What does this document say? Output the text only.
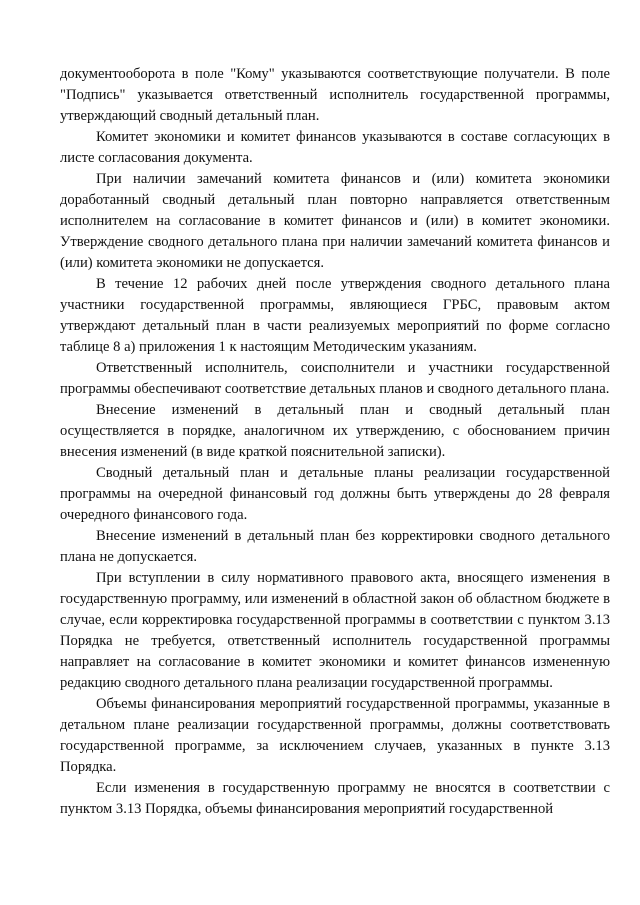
документооборота в поле "Кому" указываются соответствующие получатели. В поле "Подпись" указывается ответственный исполнитель государственной программы, утверждающий сводный детальный план.

Комитет экономики и комитет финансов указываются в составе согласующих в листе согласования документа.

При наличии замечаний комитета финансов и (или) комитета экономики доработанный сводный детальный план повторно направляется ответственным исполнителем на согласование в комитет финансов и (или) в комитет экономики. Утверждение сводного детального плана при наличии замечаний комитета финансов и (или) комитета экономики не допускается.

В течение 12 рабочих дней после утверждения сводного детального плана участники государственной программы, являющиеся ГРБС, правовым актом утверждают детальный план в части реализуемых мероприятий по форме согласно таблице 8 а) приложения 1 к настоящим Методическим указаниям.

Ответственный исполнитель, соисполнители и участники государственной программы обеспечивают соответствие детальных планов и сводного детального плана.

Внесение изменений в детальный план и сводный детальный план осуществляется в порядке, аналогичном их утверждению, с обоснованием причин внесения изменений (в виде краткой пояснительной записки).

Сводный детальный план и детальные планы реализации государственной программы на очередной финансовый год должны быть утверждены до 28 февраля очередного финансового года.

Внесение изменений в детальный план без корректировки сводного детального плана не допускается.

При вступлении в силу нормативного правового акта, вносящего изменения в государственную программу, или изменений в областной закон об областном бюджете в случае, если корректировка государственной программы в соответствии с пунктом 3.13 Порядка не требуется, ответственный исполнитель государственной программы направляет на согласование в комитет экономики и комитет финансов измененную редакцию сводного детального плана реализации государственной программы.

Объемы финансирования мероприятий государственной программы, указанные в детальном плане реализации государственной программы, должны соответствовать государственной программе, за исключением случаев, указанных в пункте 3.13 Порядка.

Если изменения в государственную программу не вносятся в соответствии с пунктом 3.13 Порядка, объемы финансирования мероприятий государственной
